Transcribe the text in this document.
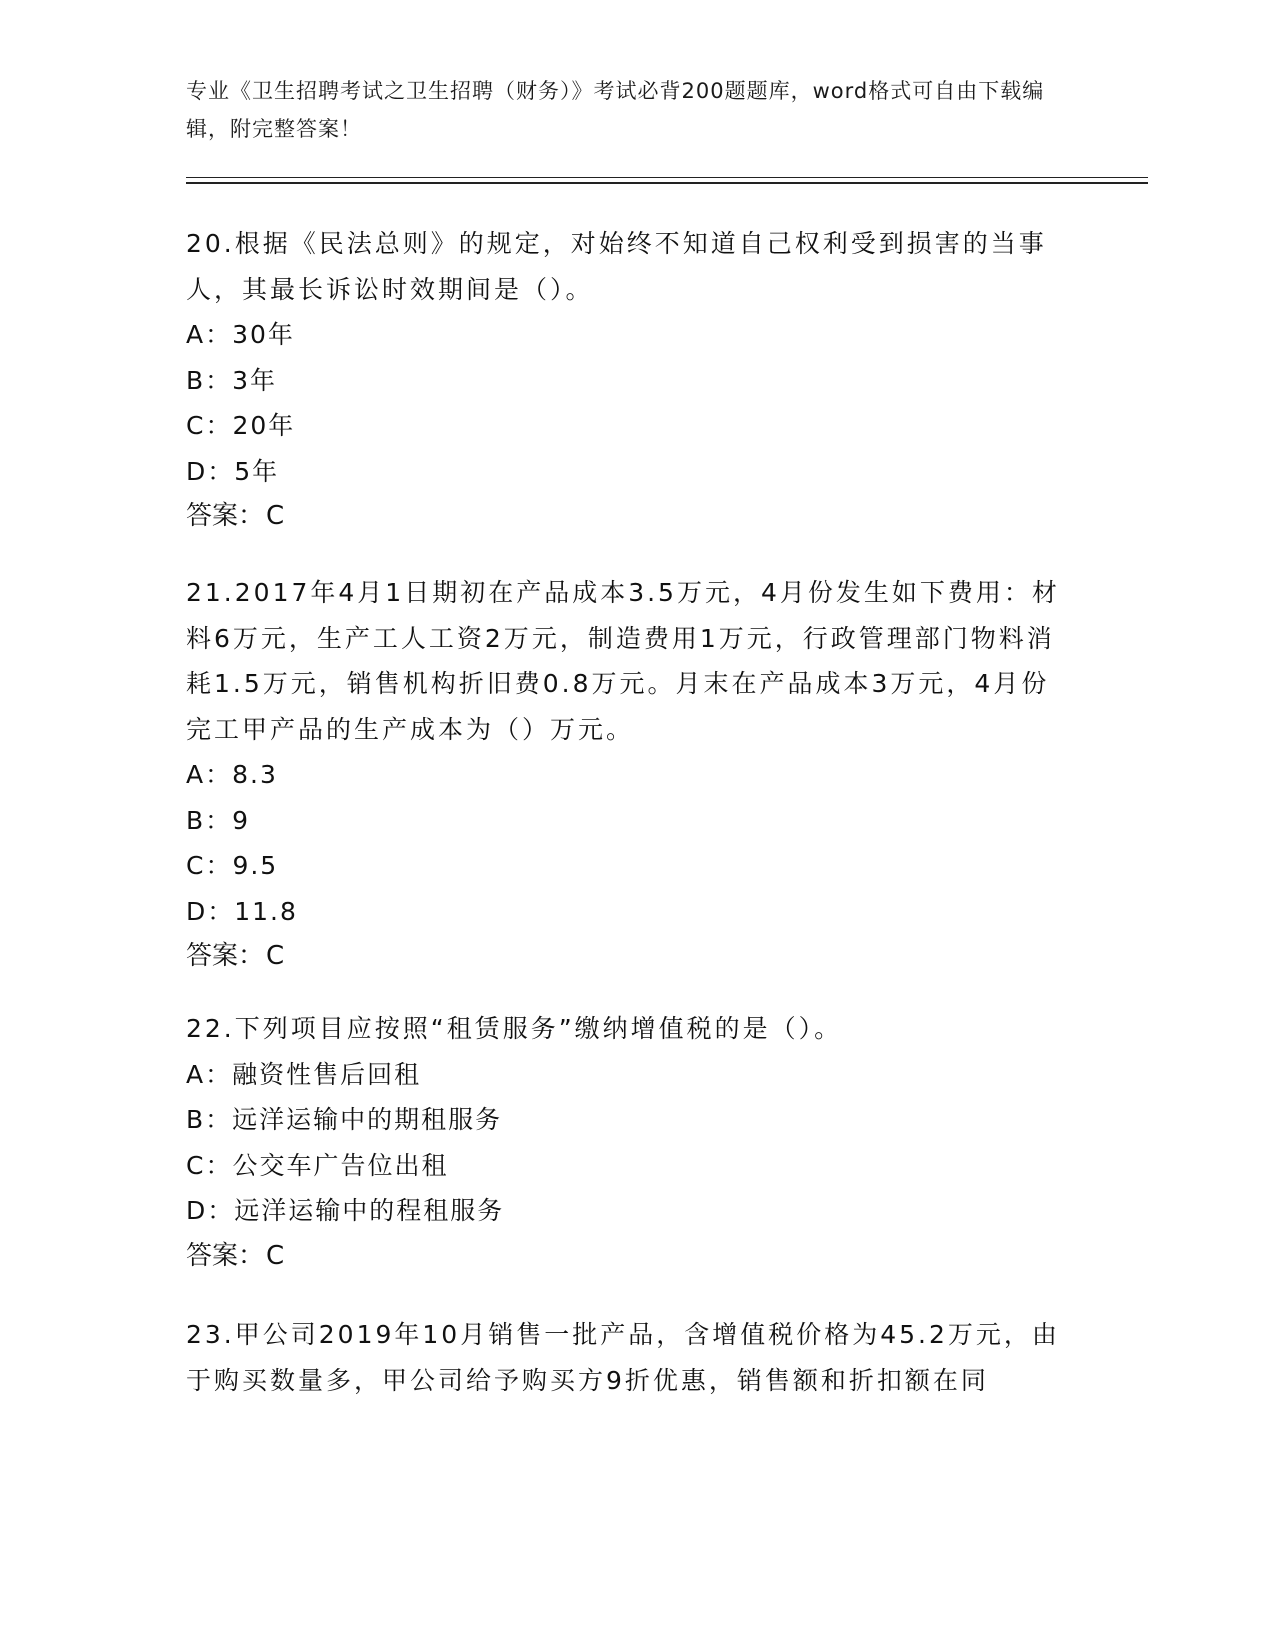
专业《卫生招聘考试之卫生招聘（财务）》考试必背200题题库，word格式可自由下载编辑，附完整答案！

20.根据《民法总则》的规定，对始终不知道自己权利受到损害的当事人，其最长诉讼时效期间是（）。

A：30年

B：3年

C：20年

D：5年

答案：C

21.2017年4月1日期初在产品成本3.5万元，4月份发生如下费用：材料6万元，生产工人工资2万元，制造费用1万元，行政管理部门物料消耗1.5万元，销售机构折旧费0.8万元。月末在产品成本3万元，4月份完工甲产品的生产成本为（）万元。

A：8.3

B：9

C：9.5

D：11.8

答案：C

22.下列项目应按照“租赁服务”缴纳增值税的是（）。

A：融资性售后回租

B：远洋运输中的期租服务

C：公交车广告位出租

D：远洋运输中的程租服务

答案：C

23.甲公司2019年10月销售一批产品，含增值税价格为45.2万元，由于购买数量多，甲公司给予购买方9折优惠，销售额和折扣额在同
